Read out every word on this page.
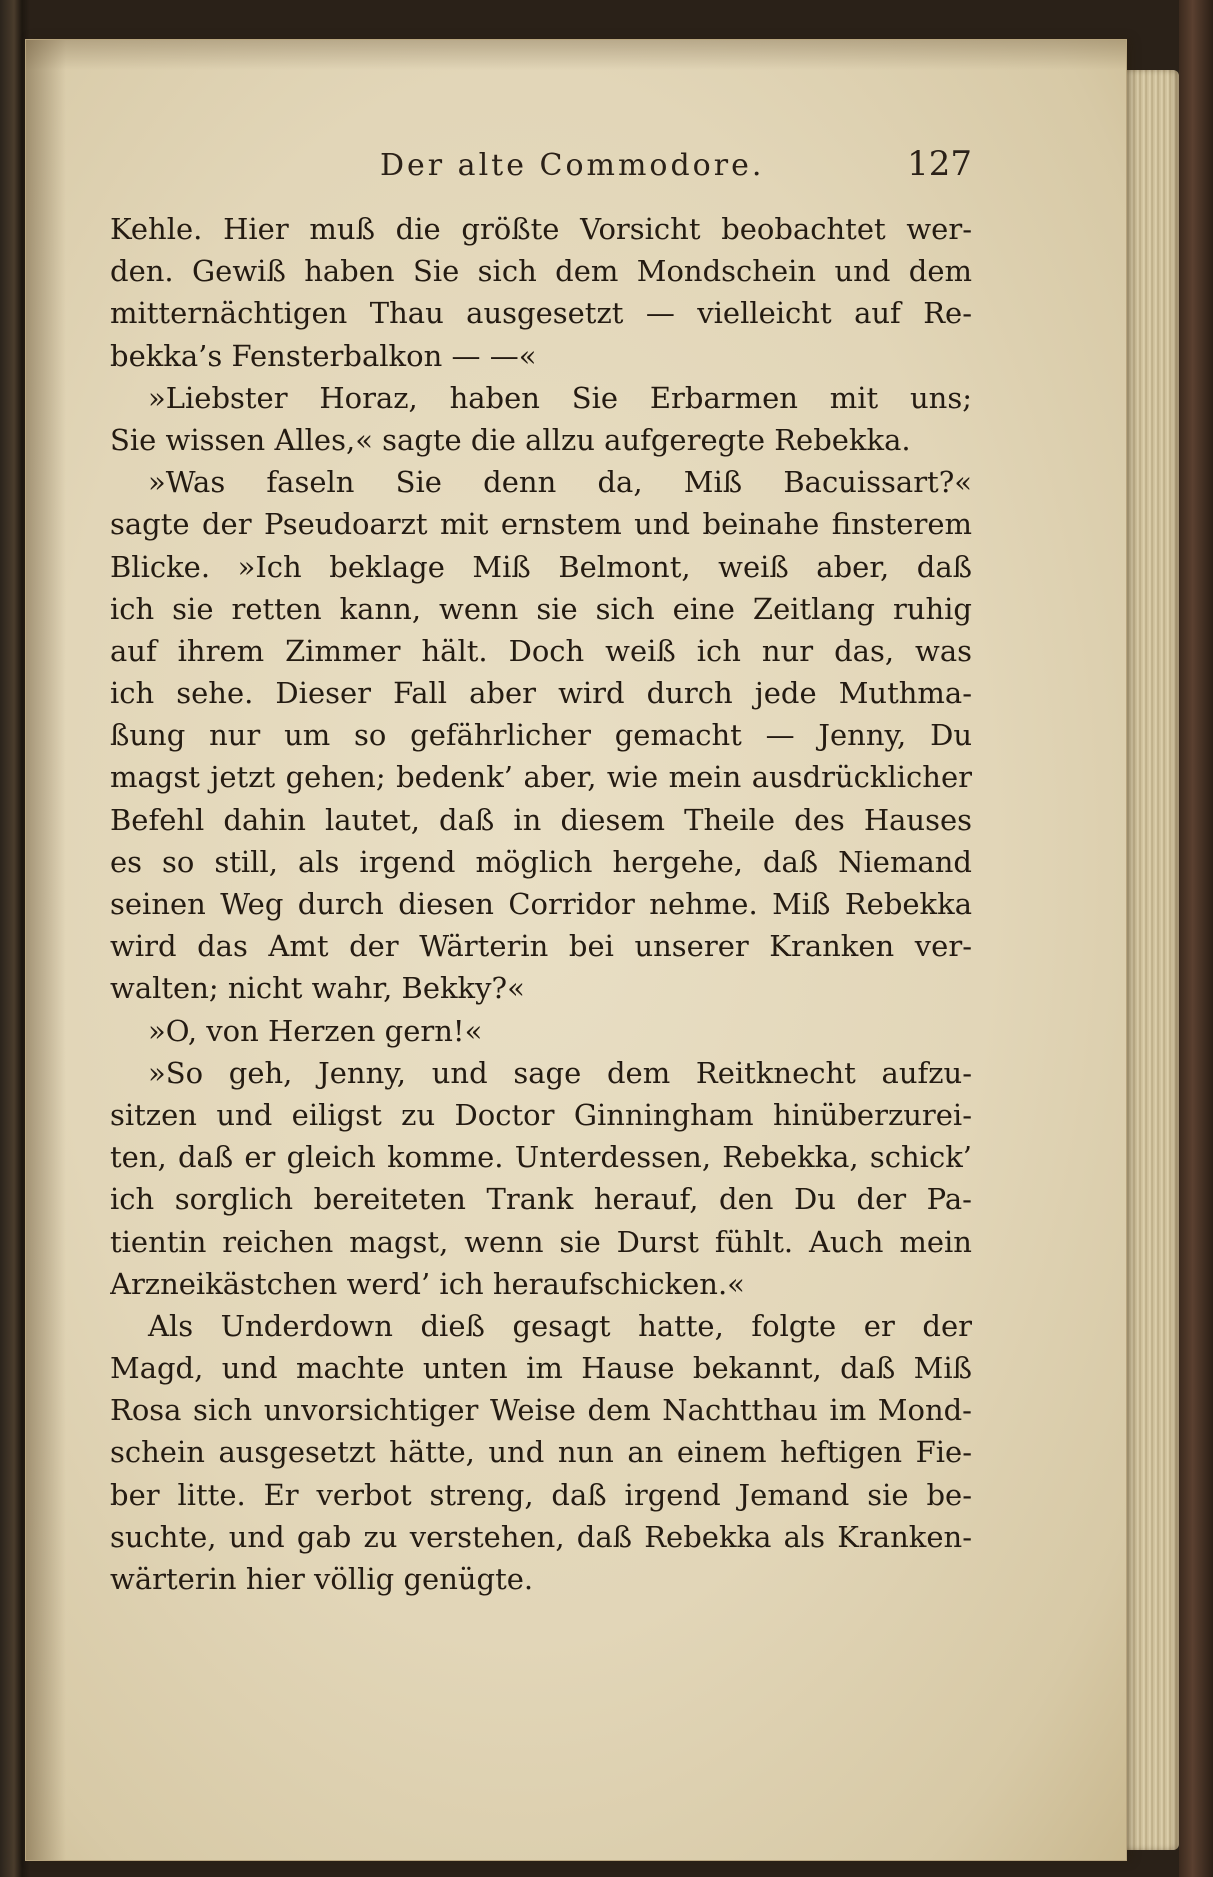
Der alte Commodore.	127
Kehle. Hier muß die größte Vorsicht beobachtet wer-
den. Gewiß haben Sie sich dem Mondschein und dem
mitternächtigen Thau ausgesetzt — vielleicht auf Re-
bekka’s Fensterbalkon — —«
»Liebster Horaz, haben Sie Erbarmen mit uns;
Sie wissen Alles,« sagte die allzu aufgeregte Rebekka.
»Was faseln Sie denn da, Miß Bacuissart?«
sagte der Pseudoarzt mit ernstem und beinahe finsterem
Blicke. »Ich beklage Miß Belmont, weiß aber, daß
ich sie retten kann, wenn sie sich eine Zeitlang ruhig
auf ihrem Zimmer hält. Doch weiß ich nur das, was
ich sehe. Dieser Fall aber wird durch jede Muthma-
ßung nur um so gefährlicher gemacht — Jenny, Du
magst jetzt gehen; bedenk’ aber, wie mein ausdrücklicher
Befehl dahin lautet, daß in diesem Theile des Hauses
es so still, als irgend möglich hergehe, daß Niemand
seinen Weg durch diesen Corridor nehme. Miß Rebekka
wird das Amt der Wärterin bei unserer Kranken ver-
walten; nicht wahr, Bekky?«
»O, von Herzen gern!«
»So geh, Jenny, und sage dem Reitknecht aufzu-
sitzen und eiligst zu Doctor Ginningham hinüberzurei-
ten, daß er gleich komme. Unterdessen, Rebekka, schick’
ich sorglich bereiteten Trank herauf, den Du der Pa-
tientin reichen magst, wenn sie Durst fühlt. Auch mein
Arzneikästchen werd’ ich heraufschicken.«
Als Underdown dieß gesagt hatte, folgte er der
Magd, und machte unten im Hause bekannt, daß Miß
Rosa sich unvorsichtiger Weise dem Nachtthau im Mond-
schein ausgesetzt hätte, und nun an einem heftigen Fie-
ber litte. Er verbot streng, daß irgend Jemand sie be-
suchte, und gab zu verstehen, daß Rebekka als Kranken-
wärterin hier völlig genügte.
